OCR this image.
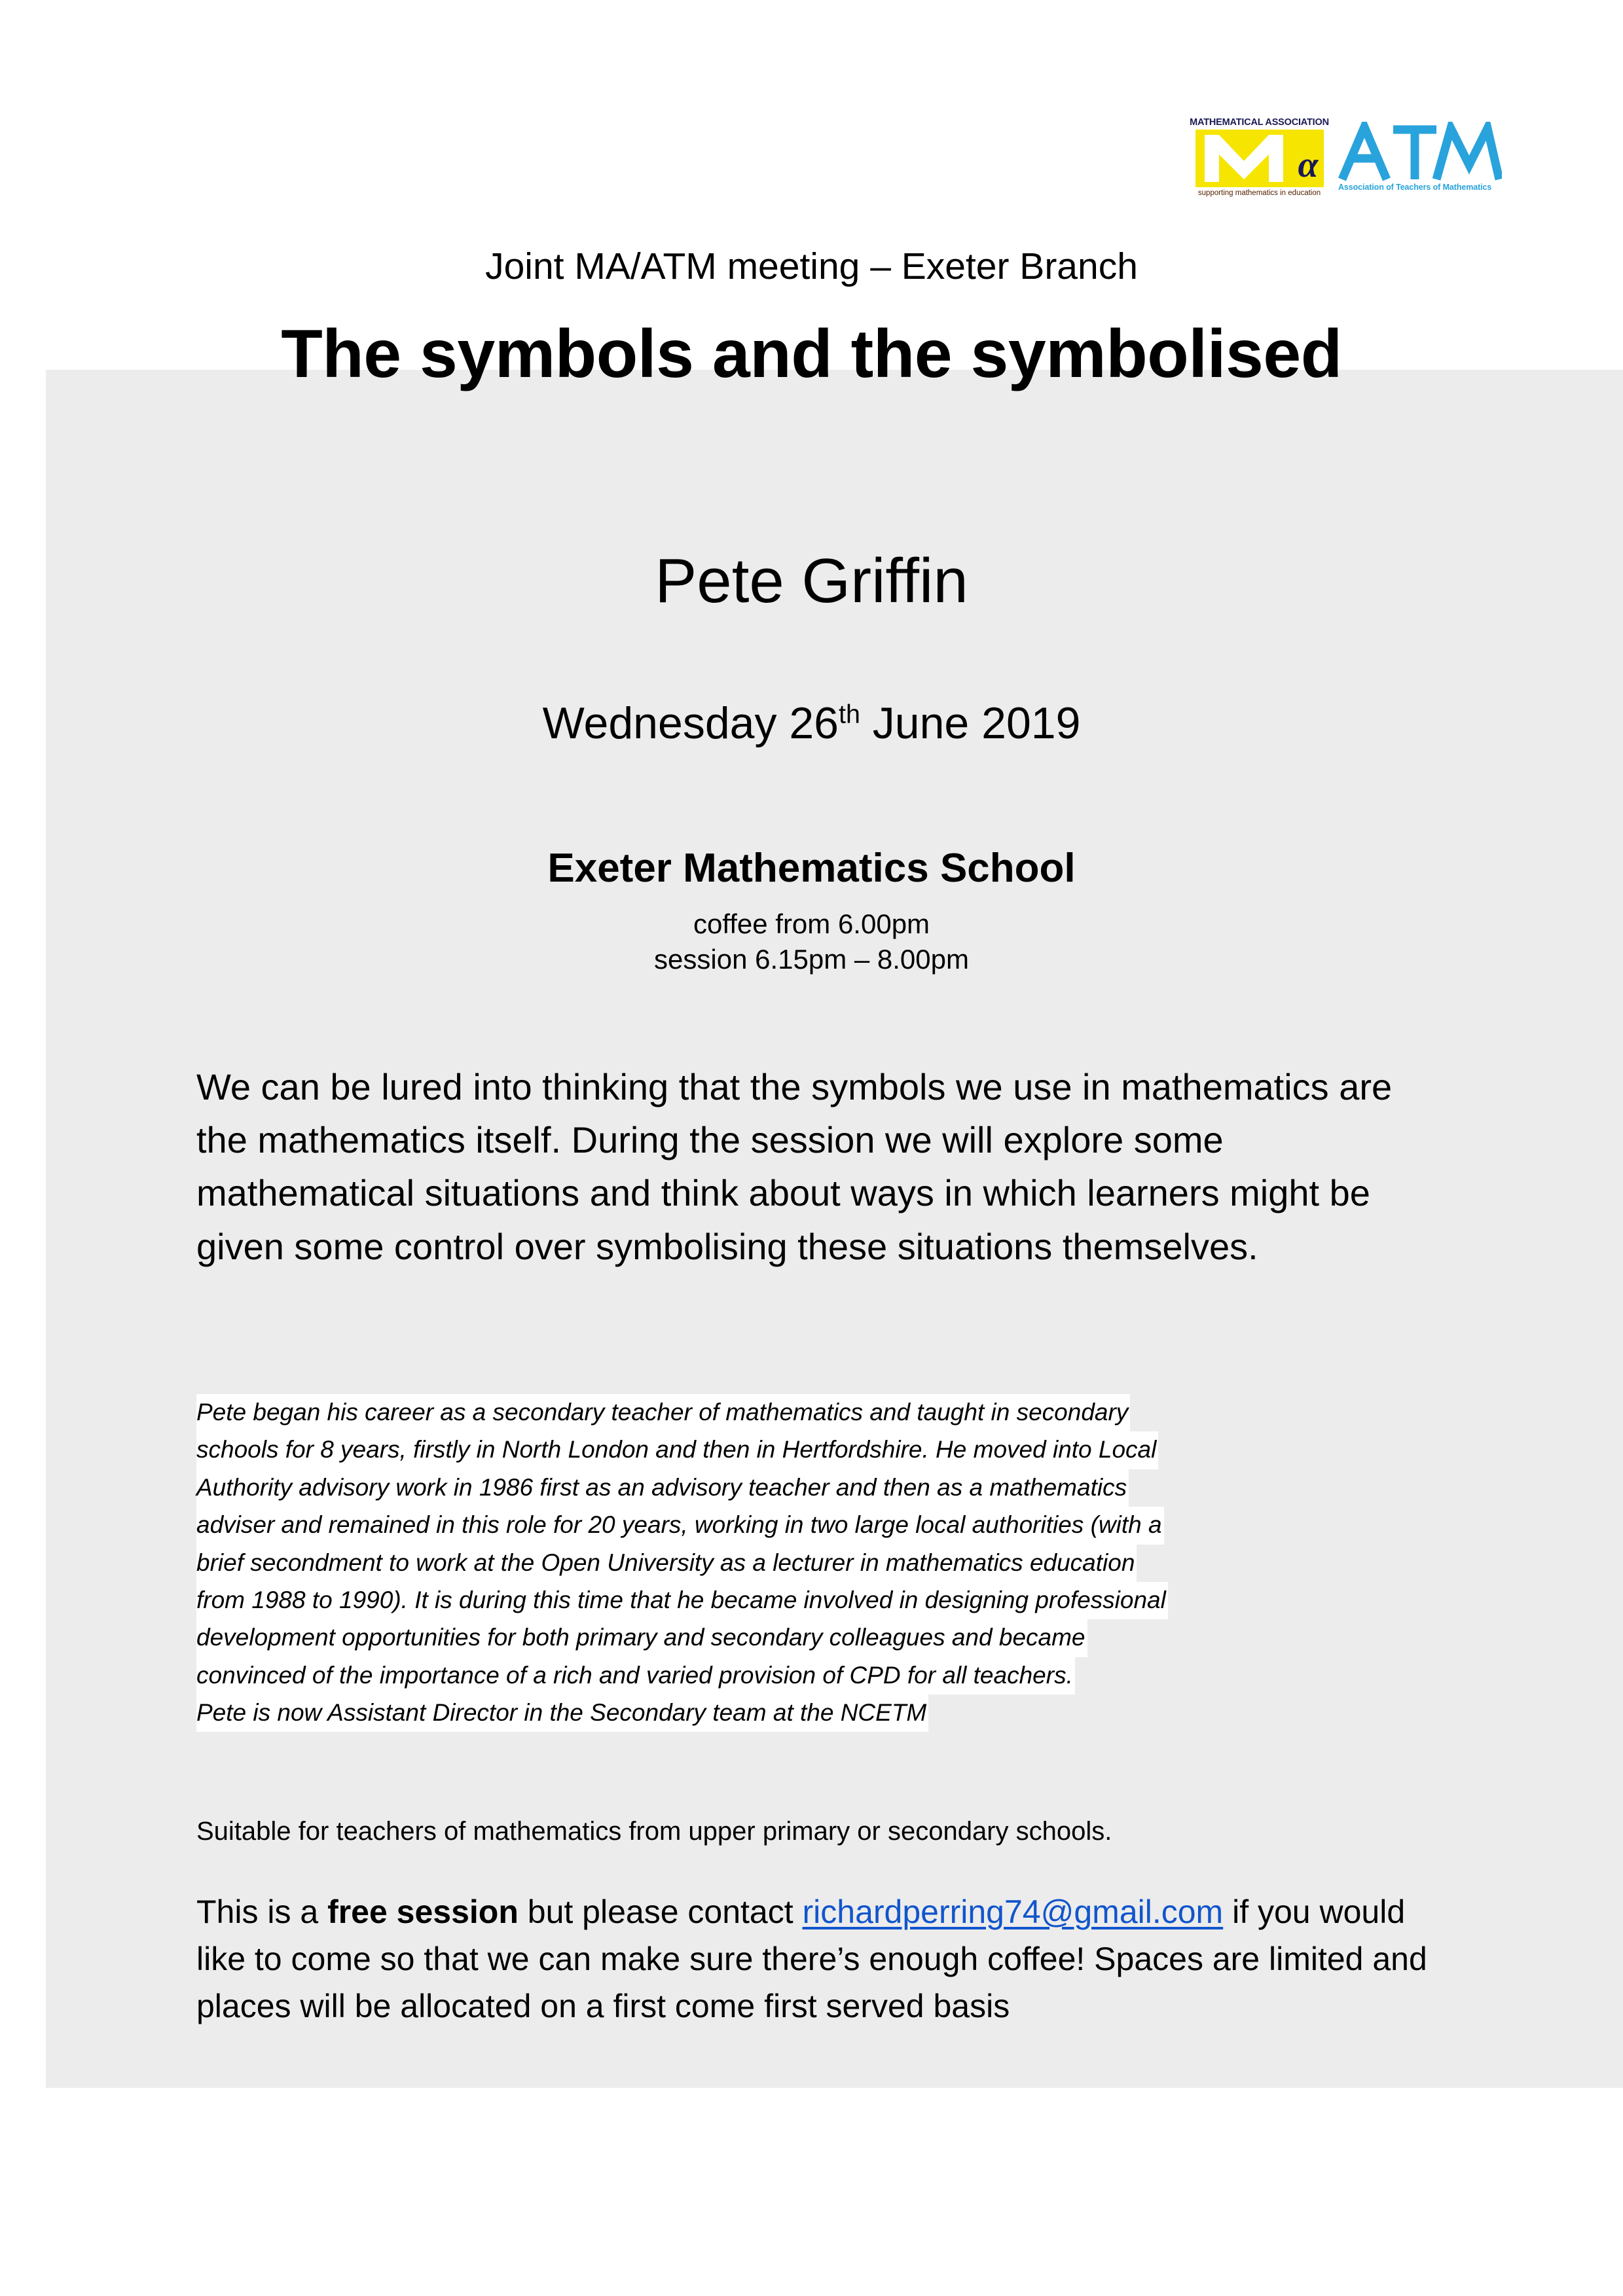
MATHEMATICAL ASSOCIATION
α
supporting mathematics in education
Association of Teachers of Mathematics
Joint MA/ATM meeting – Exeter Branch
The symbols and the symbolised
Pete Griffin
Wednesday 26th June 2019
Exeter Mathematics School
coffee from 6.00pm
session 6.15pm – 8.00pm
We can be lured into thinking that the symbols we use in mathematics are the mathematics itself. During the session we will explore some mathematical situations and think about ways in which learners might be given some control over symbolising these situations themselves.
Pete began his career as a secondary teacher of mathematics and taught in secondary
schools for 8 years, firstly in North London and then in Hertfordshire. He moved into Local
Authority advisory work in 1986 first as an advisory teacher and then as a mathematics
adviser and remained in this role for 20 years, working in two large local authorities (with a
brief secondment to work at the Open University as a lecturer in mathematics education
from 1988 to 1990). It is during this time that he became involved in designing professional
development opportunities for both primary and secondary colleagues and became
convinced of the importance of a rich and varied provision of CPD for all teachers.
Pete is now Assistant Director in the Secondary team at the NCETM
Suitable for teachers of mathematics from upper primary or secondary schools.
This is a free session but please contact richardperring74@gmail.com if you would like to come so that we can make sure there’s enough coffee! Spaces are limited and places will be allocated on a first come first served basis
